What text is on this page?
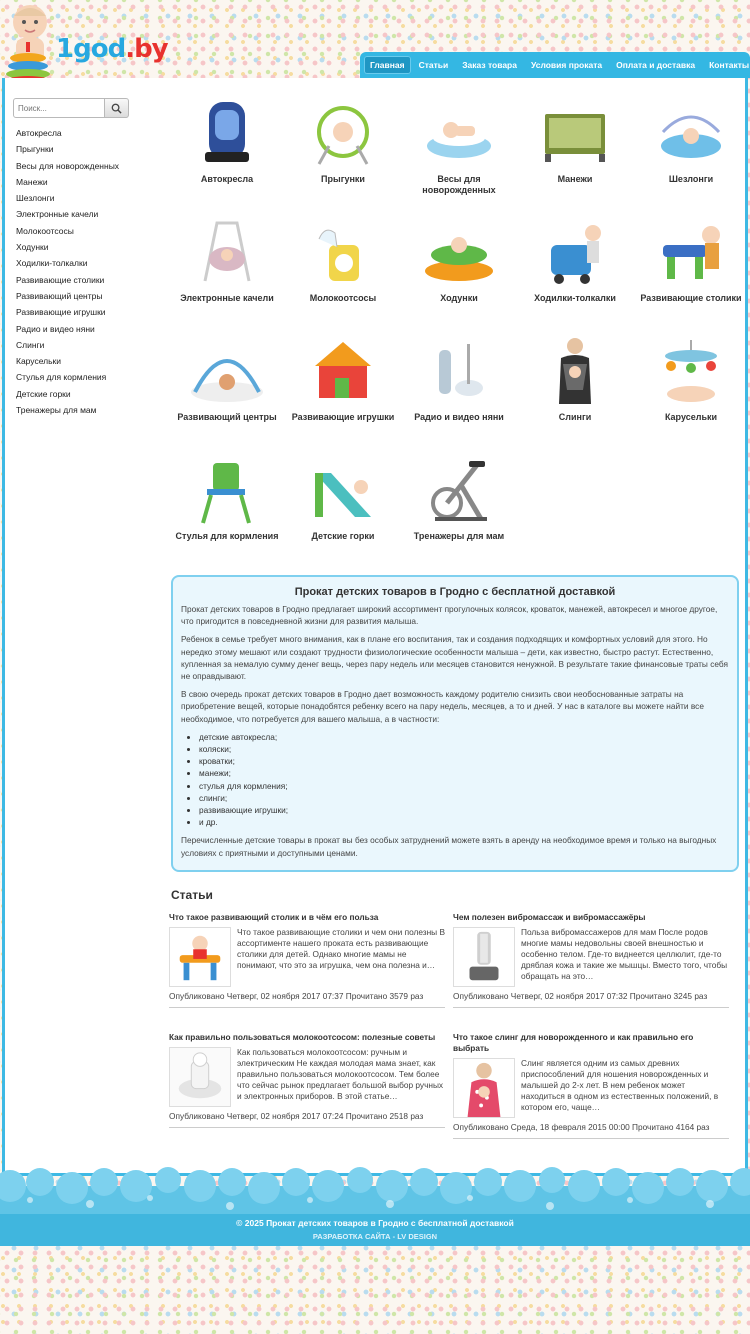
1god.by
Главная	Статьи	Заказ товара	Условия проката	Оплата и доставка	Контакты
Поиск...
Автокресла
Прыгунки
Весы для новорожденных
Манежи
Шезлонги
Электронные качели
Молокоотсосы
Ходунки
Ходилки-толкалки
Развивающие столики
Развивающий центры
Развивающие игрушки
Радио и видео няни
Слинги
Карусельки
Стулья для кормления
Детские горки
Тренажеры для мам
Автокресла	Прыгунки	Весы для новорожденных
Манежи	Шезлонги
Электронные качели	Молокоотсосы	Ходунки	Ходилки-толкалки	Развивающие столики
Развивающий центры	Развивающие игрушки	Радио и видео няни	Слинги	Карусельки
Стулья для кормления	Детские горки	Тренажеры для мам
Прокат детских товаров в Гродно с бесплатной доставкой

Прокат детских товаров в Гродно предлагает широкий ассортимент прогулочных колясок, кроваток, манежей, автокресел и многое другое, что пригодится в повседневной жизни для развития малыша.

Ребенок в семье требует много внимания, как в плане его воспитания, так и создания подходящих и комфортных условий для этого. Но нередко этому мешают или создают трудности физиологические особенности малыша – дети, как известно, быстро растут. Естественно, купленная за немалую сумму денег вещь, через пару недель или месяцев становится ненужной. В результате такие финансовые траты себя не оправдывают.

В свою очередь прокат детских товаров в Гродно дает возможность каждому родителю снизить свои необоснованные затраты на приобретение вещей, которые понадобятся ребенку всего на пару недель, месяцев, а то и дней. У нас в каталоге вы можете найти все необходимое, что потребуется для вашего малыша, а в частности:

• детские автокресла;
• коляски;
• кроватки;
• манежи;
• стулья для кормления;
• слинги;
• развивающие игрушки;
• и др.

Перечисленные детские товары в прокат вы без особых затруднений можете взять в аренду на необходимое время и только на выгодных условиях с приятными и доступными ценами.

Статьи
Что такое развивающий столик и в чём его польза
Что такое развивающие столики и чем они полезны В ассортименте нашего проката есть развивающие столики для детей. Однако многие мамы не понимают, что это за игрушка, чем она полезна и…
Опубликовано Четверг, 02 ноября 2017 07:37 Прочитано 3579 раз
Чем полезен вибромассаж и вибромассажёры
Польза вибромассажеров для мам После родов многие мамы недовольны своей внешностью и особенно телом. Где-то виднеется целлюлит, где-то дряблая кожа и такие же мышцы. Вместо того, чтобы обращать на это…
Опубликовано Четверг, 02 ноября 2017 07:32 Прочитано 3245 раз
Как правильно пользоваться молокоотсосом: полезные советы
Как пользоваться молокоотсосом: ручным и электрическим Не каждая молодая мама знает, как правильно пользоваться молокоотсосом. Тем более что сейчас рынок предлагает большой выбор ручных и электронных приборов. В этой статье…
Опубликовано Четверг, 02 ноября 2017 07:24 Прочитано 2518 раз
Что такое слинг для новорожденного и как правильно его выбрать
Слинг является одним из самых древних приспособлений для ношения новорожденных и малышей до 2-х лет. В нем ребенок может находиться в одном из естественных положений, в котором его, чаще…
Опубликовано Среда, 18 февраля 2015 00:00 Прочитано 4164 раз
© 2025 Прокат детских товаров в Гродно с бесплатной доставкой
РАЗРАБОТКА САЙТА - LV DESIGN
